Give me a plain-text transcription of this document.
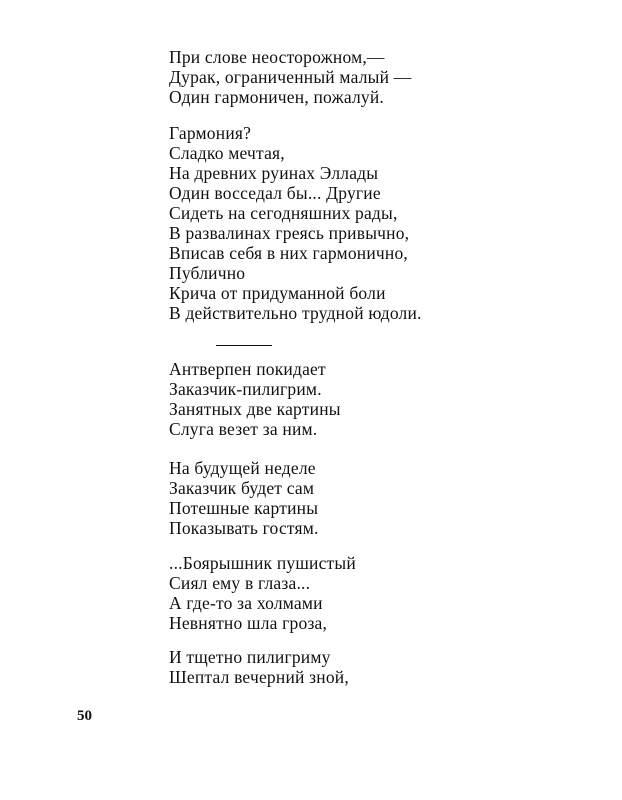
При слове неосторожном,—
Дурак, ограниченный малый —
Один гармоничен, пожалуй.
Гармония?
Сладко мечтая,
На древних руинах Эллады
Один восседал бы... Другие
Сидеть на сегодняшних рады,
В развалинах греясь привычно,
Вписав себя в них гармонично,
Публично
Крича от придуманной боли
В действительно трудной юдоли.
Антверпен покидает
Заказчик-пилигрим.
Занятных две картины
Слуга везет за ним.
На будущей неделе
Заказчик будет сам
Потешные картины
Показывать гостям.
...Боярышник пушистый
Сиял ему в глаза...
А где-то за холмами
Невнятно шла гроза,
И тщетно пилигриму
Шептал вечерний зной,
50
